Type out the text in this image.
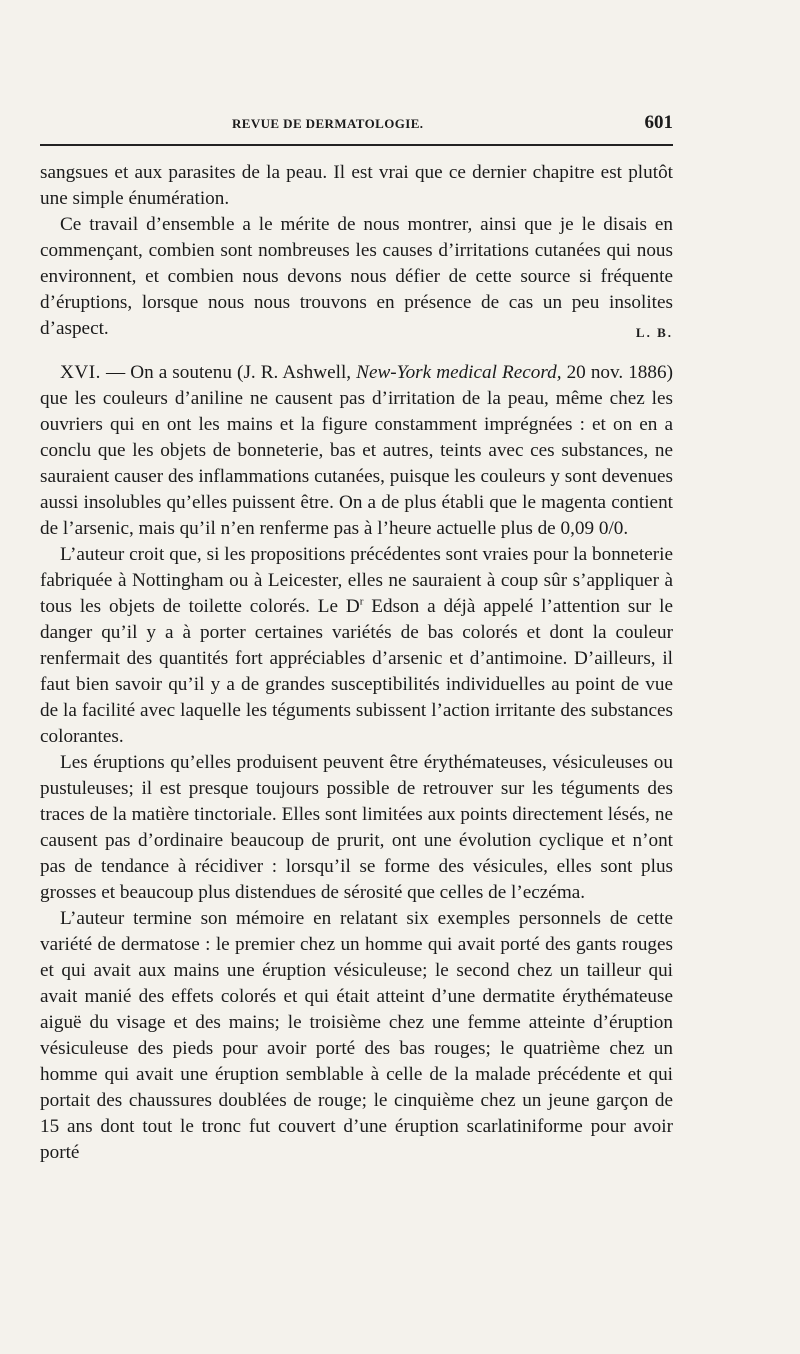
REVUE DE DERMATOLOGIE.	601

sangsues et aux parasites de la peau. Il est vrai que ce dernier chapitre est plutôt une simple énumération.

Ce travail d’ensemble a le mérite de nous montrer, ainsi que je le disais en commençant, combien sont nombreuses les causes d’irritations cutanées qui nous environnent, et combien nous devons nous défier de cette source si fréquente d’éruptions, lorsque nous nous trouvons en présence de cas un peu insolites d’aspect.	L. B.

XVI. — On a soutenu (J. R. Ashwell, New-York medical Record, 20 nov. 1886) que les couleurs d’aniline ne causent pas d’irritation de la peau, même chez les ouvriers qui en ont les mains et la figure constamment imprégnées : et on en a conclu que les objets de bonneterie, bas et autres, teints avec ces substances, ne sauraient causer des inflammations cutanées, puisque les couleurs y sont devenues aussi insolubles qu’elles puissent être. On a de plus établi que le magenta contient de l’arsenic, mais qu’il n’en renferme pas à l’heure actuelle plus de 0,09 0/0.

L’auteur croit que, si les propositions précédentes sont vraies pour la bonneterie fabriquée à Nottingham ou à Leicester, elles ne sauraient à coup sûr s’appliquer à tous les objets de toilette colorés. Le $D^r$ Edson a déjà appelé l’attention sur le danger qu’il y a à porter certaines variétés de bas colorés et dont la couleur renfermait des quantités fort appréciables d’arsenic et d’antimoine. D’ailleurs, il faut bien savoir qu’il y a de grandes susceptibilités individuelles au point de vue de la facilité avec laquelle les téguments subissent l’action irritante des substances colorantes.

Les éruptions qu’elles produisent peuvent être érythémateuses, vésiculeuses ou pustuleuses; il est presque toujours possible de retrouver sur les téguments des traces de la matière tinctoriale. Elles sont limitées aux points directement lésés, ne causent pas d’ordinaire beaucoup de prurit, ont une évolution cyclique et n’ont pas de tendance à récidiver : lorsqu’il se forme des vésicules, elles sont plus grosses et beaucoup plus distendues de sérosité que celles de l’eczéma.

L’auteur termine son mémoire en relatant six exemples personnels de cette variété de dermatose : le premier chez un homme qui avait porté des gants rouges et qui avait aux mains une éruption vésiculeuse; le second chez un tailleur qui avait manié des effets colorés et qui était atteint d’une dermatite érythémateuse aiguë du visage et des mains; le troisième chez une femme atteinte d’éruption vésiculeuse des pieds pour avoir porté des bas rouges; le quatrième chez un homme qui avait une éruption semblable à celle de la malade précédente et qui portait des chaussures doublées de rouge; le cinquième chez un jeune garçon de 15 ans dont tout le tronc fut couvert d’une éruption scarlatiniforme pour avoir porté
